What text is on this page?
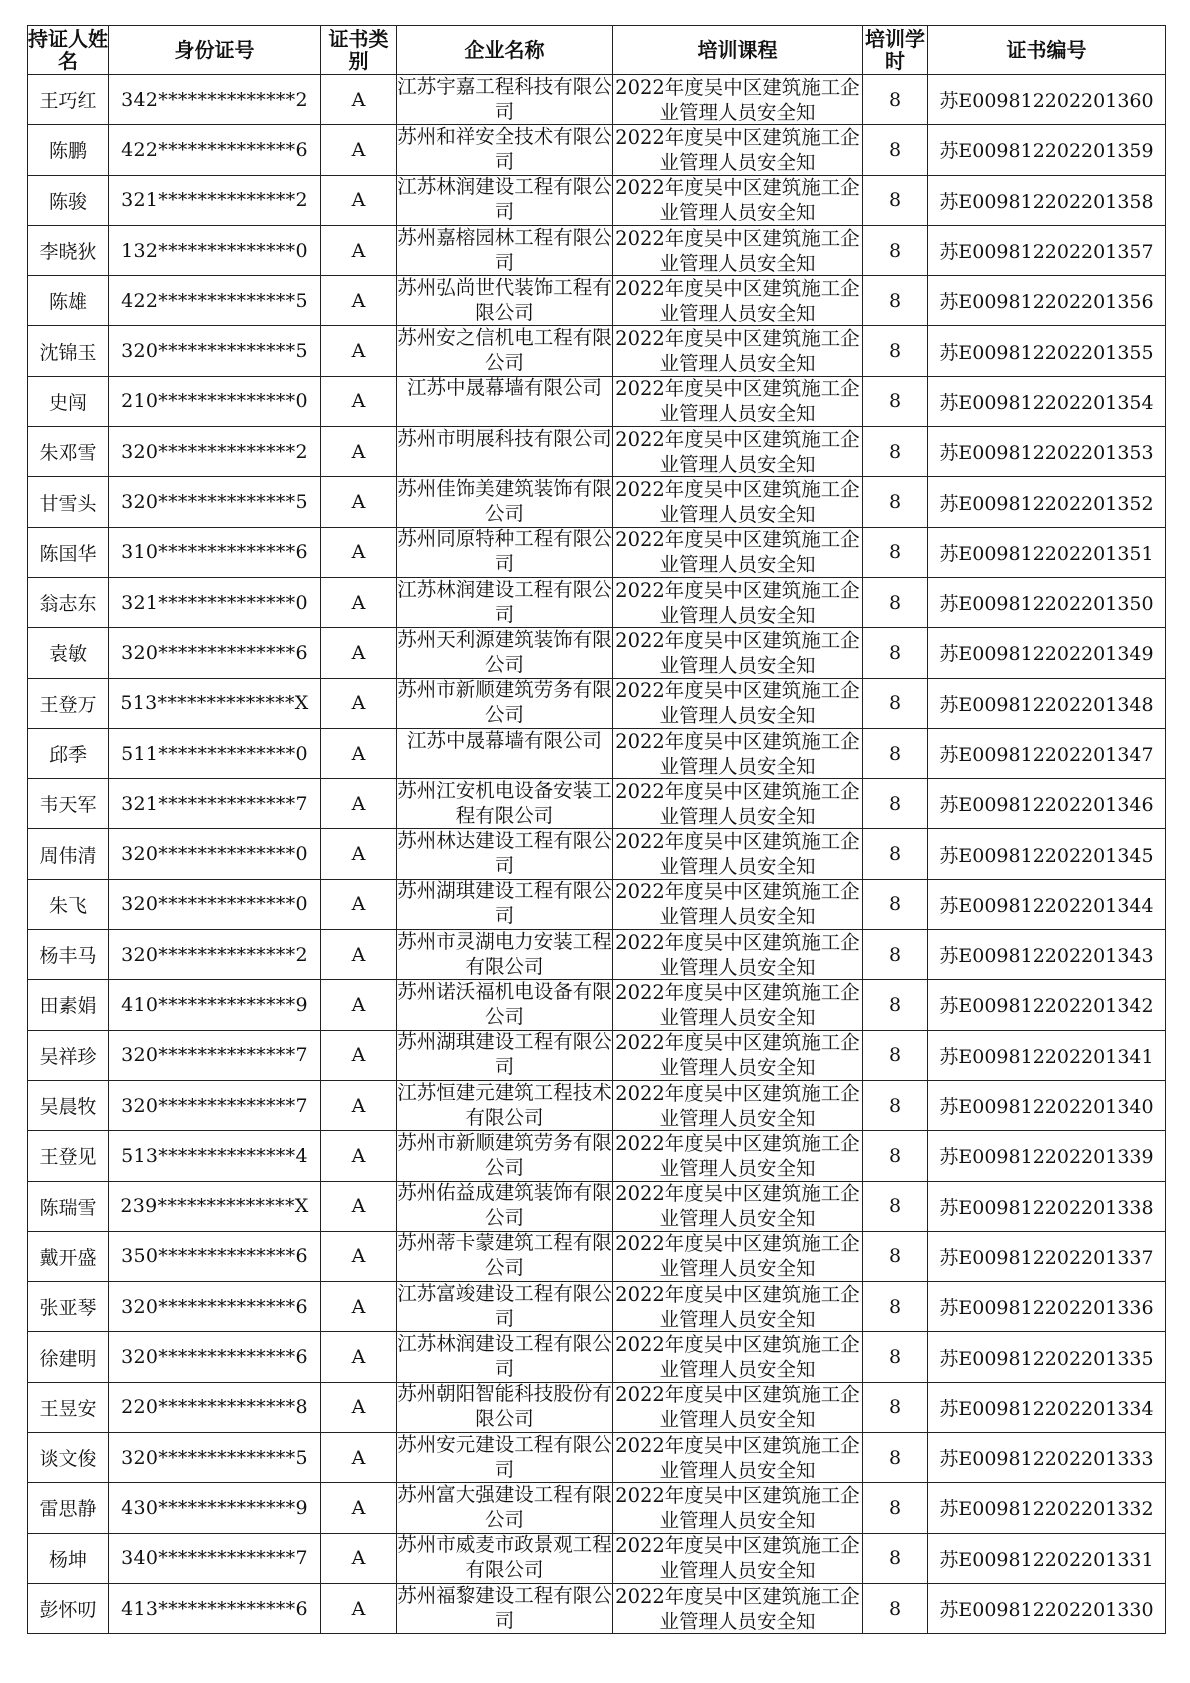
持证人姓名	身份证号	证书类别	企业名称	培训课程	培训学时	证书编号
王巧红	342**************2	A	江苏宇嘉工程科技有限公司	2022年度吴中区建筑施工企业管理人员安全知	8	苏E009812202201360
陈鹏	422**************6	A	苏州和祥安全技术有限公司	2022年度吴中区建筑施工企业管理人员安全知	8	苏E009812202201359
陈骏	321**************2	A	江苏林润建设工程有限公司	2022年度吴中区建筑施工企业管理人员安全知	8	苏E009812202201358
李晓狄	132**************0	A	苏州嘉榕园林工程有限公司	2022年度吴中区建筑施工企业管理人员安全知	8	苏E009812202201357
陈雄	422**************5	A	苏州弘尚世代装饰工程有限公司	2022年度吴中区建筑施工企业管理人员安全知	8	苏E009812202201356
沈锦玉	320**************5	A	苏州安之信机电工程有限公司	2022年度吴中区建筑施工企业管理人员安全知	8	苏E009812202201355
史闯	210**************0	A	江苏中晟幕墙有限公司	2022年度吴中区建筑施工企业管理人员安全知	8	苏E009812202201354
朱邓雪	320**************2	A	苏州市明展科技有限公司	2022年度吴中区建筑施工企业管理人员安全知	8	苏E009812202201353
甘雪头	320**************5	A	苏州佳饰美建筑装饰有限公司	2022年度吴中区建筑施工企业管理人员安全知	8	苏E009812202201352
陈国华	310**************6	A	苏州同原特种工程有限公司	2022年度吴中区建筑施工企业管理人员安全知	8	苏E009812202201351
翁志东	321**************0	A	江苏林润建设工程有限公司	2022年度吴中区建筑施工企业管理人员安全知	8	苏E009812202201350
袁敏	320**************6	A	苏州天利源建筑装饰有限公司	2022年度吴中区建筑施工企业管理人员安全知	8	苏E009812202201349
王登万	513**************X	A	苏州市新顺建筑劳务有限公司	2022年度吴中区建筑施工企业管理人员安全知	8	苏E009812202201348
邱季	511**************0	A	江苏中晟幕墙有限公司	2022年度吴中区建筑施工企业管理人员安全知	8	苏E009812202201347
韦天军	321**************7	A	苏州江安机电设备安装工程有限公司	2022年度吴中区建筑施工企业管理人员安全知	8	苏E009812202201346
周伟清	320**************0	A	苏州林达建设工程有限公司	2022年度吴中区建筑施工企业管理人员安全知	8	苏E009812202201345
朱飞	320**************0	A	苏州湖琪建设工程有限公司	2022年度吴中区建筑施工企业管理人员安全知	8	苏E009812202201344
杨丰马	320**************2	A	苏州市灵湖电力安装工程有限公司	2022年度吴中区建筑施工企业管理人员安全知	8	苏E009812202201343
田素娟	410**************9	A	苏州诺沃福机电设备有限公司	2022年度吴中区建筑施工企业管理人员安全知	8	苏E009812202201342
吴祥珍	320**************7	A	苏州湖琪建设工程有限公司	2022年度吴中区建筑施工企业管理人员安全知	8	苏E009812202201341
吴晨牧	320**************7	A	江苏恒建元建筑工程技术有限公司	2022年度吴中区建筑施工企业管理人员安全知	8	苏E009812202201340
王登见	513**************4	A	苏州市新顺建筑劳务有限公司	2022年度吴中区建筑施工企业管理人员安全知	8	苏E009812202201339
陈瑞雪	239**************X	A	苏州佑益成建筑装饰有限公司	2022年度吴中区建筑施工企业管理人员安全知	8	苏E009812202201338
戴开盛	350**************6	A	苏州蒂卡蒙建筑工程有限公司	2022年度吴中区建筑施工企业管理人员安全知	8	苏E009812202201337
张亚琴	320**************6	A	江苏富竣建设工程有限公司	2022年度吴中区建筑施工企业管理人员安全知	8	苏E009812202201336
徐建明	320**************6	A	江苏林润建设工程有限公司	2022年度吴中区建筑施工企业管理人员安全知	8	苏E009812202201335
王昱安	220**************8	A	苏州朝阳智能科技股份有限公司	2022年度吴中区建筑施工企业管理人员安全知	8	苏E009812202201334
谈文俊	320**************5	A	苏州安元建设工程有限公司	2022年度吴中区建筑施工企业管理人员安全知	8	苏E009812202201333
雷思静	430**************9	A	苏州富大强建设工程有限公司	2022年度吴中区建筑施工企业管理人员安全知	8	苏E009812202201332
杨坤	340**************7	A	苏州市威麦市政景观工程有限公司	2022年度吴中区建筑施工企业管理人员安全知	8	苏E009812202201331
彭怀叨	413**************6	A	苏州福黎建设工程有限公司	2022年度吴中区建筑施工企业管理人员安全知	8	苏E009812202201330
